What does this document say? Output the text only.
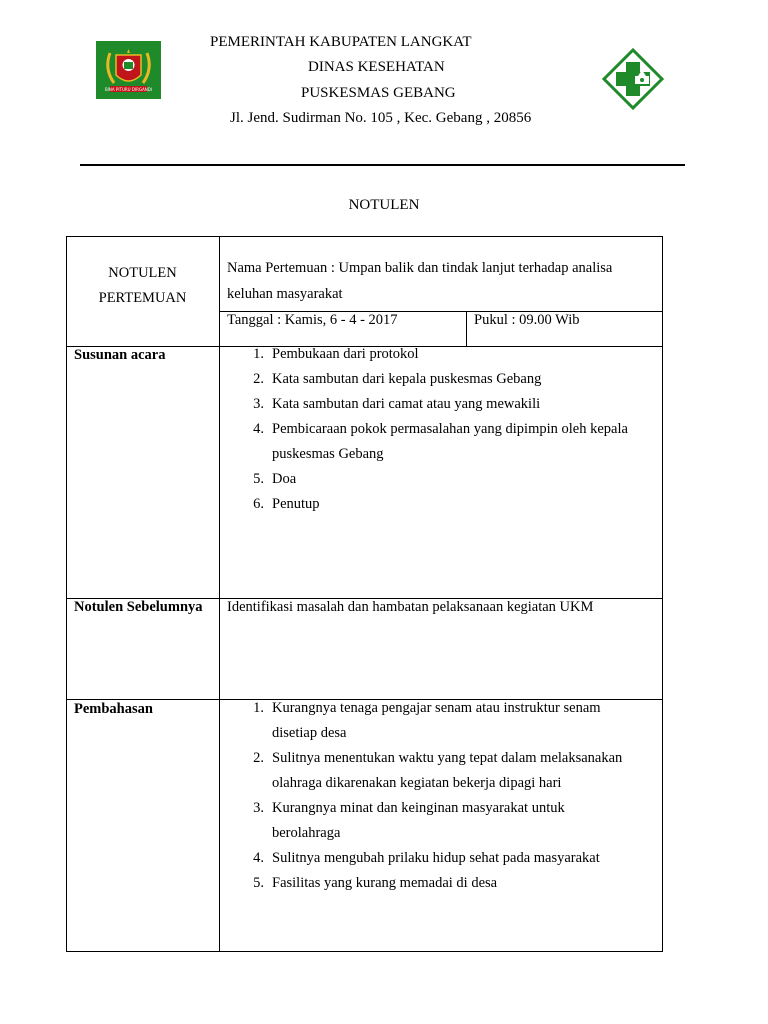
BINA PITURU DIRGANDI
PEMERINTAH KABUPATEN LANGKAT
DINAS KESEHATAN
PUSKESMAS GEBANG
Jl. Jend. Sudirman No. 105 , Kec. Gebang , 20856
NOTULEN
NOTULEN
PERTEMUAN
Nama Pertemuan : Umpan balik dan tindak lanjut terhadap analisa
keluhan masyarakat
Tanggal : Kamis, 6 - 4 - 2017	Pukul : 09.00 Wib
Susunan acara	1. Pembukaan dari protokol
2. Kata sambutan dari kepala puskesmas Gebang
3. Kata sambutan dari camat atau yang mewakili
4. Pembicaraan pokok permasalahan yang dipimpin oleh kepala
puskesmas Gebang
5. Doa
6. Penutup
Notulen Sebelumnya Identifikasi masalah dan hambatan pelaksanaan kegiatan UKM
Pembahasan	1. Kurangnya tenaga pengajar senam atau instruktur senam
disetiap desa
2. Sulitnya menentukan waktu yang tepat dalam melaksanakan
olahraga dikarenakan kegiatan bekerja dipagi hari
3. Kurangnya minat dan keinginan masyarakat untuk
berolahraga
4. Sulitnya mengubah prilaku hidup sehat pada masyarakat
5. Fasilitas yang kurang memadai di desa
